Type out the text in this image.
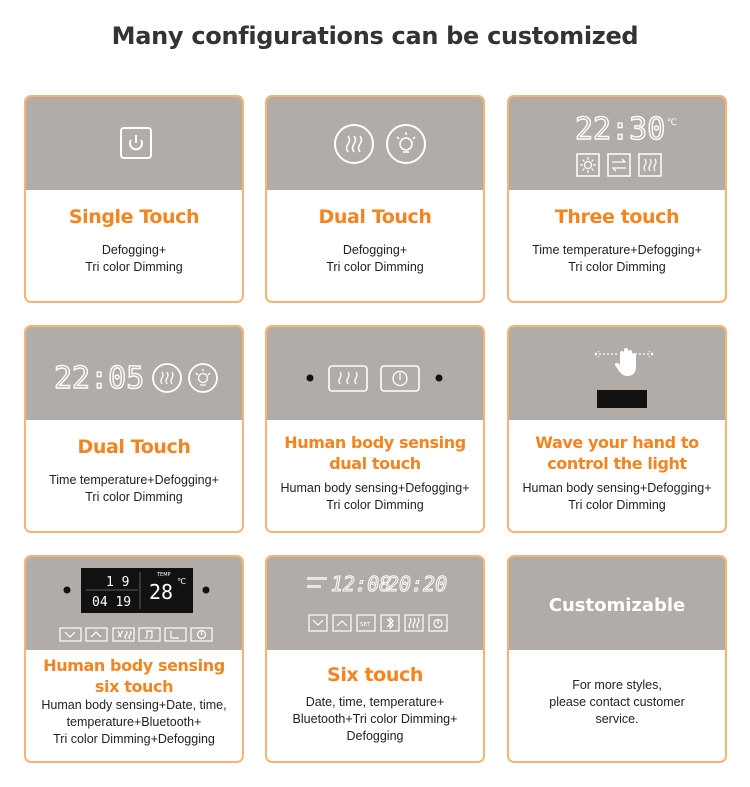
Many configurations can be customized
Single Touch
Defogging+
Tri color Dimming
Dual Touch
Defogging+
Tri color Dimming
22:30 ℃
Three touch
Time temperature+Defogging+
Tri color Dimming
22:05
Dual Touch
Time temperature+Defogging+
Tri color Dimming
Human body sensing
dual touch
Human body sensing+Defogging+
Tri color Dimming
Wave your hand to
control the light
Human body sensing+Defogging+
Tri color Dimming
1 9
04 19
TEMP
28 ℃
Human body sensing
six touch
Human body sensing+Date, time,
temperature+Bluetooth+
Tri color Dimming+Defogging
12:08
20:20
SET
Six touch
Date, time, temperature+
Bluetooth+Tri color Dimming+
Defogging
Customizable
For more styles,
please contact customer
service.
